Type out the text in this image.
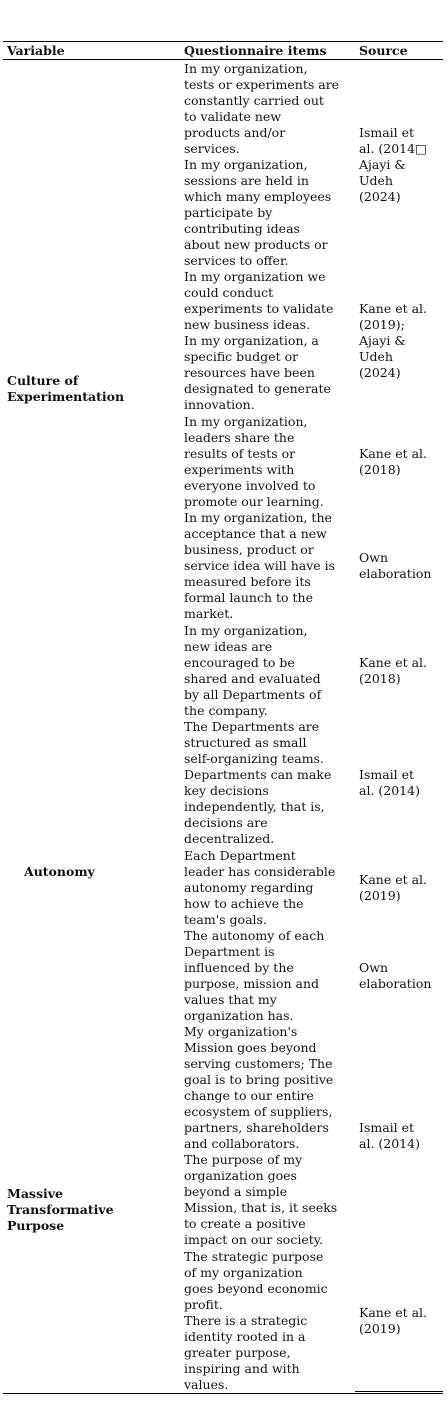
Variable	Questionnaire items	Source
Culture of
Experimentation
Autonomy
Massive
Transformative
Purpose
In my organization,
tests or experiments are
constantly carried out
to validate new
products and/or
services.
In my organization,
sessions are held in
which many employees
participate by
contributing ideas
about new products or
services to offer.
In my organization we
could conduct
experiments to validate
new business ideas.
In my organization, a
specific budget or
resources have been
designated to generate
innovation.
In my organization,
leaders share the
results of tests or
experiments with
everyone involved to
promote our learning.
In my organization, the
acceptance that a new
business, product or
service idea will have is
measured before its
formal launch to the
market.
In my organization,
new ideas are
encouraged to be
shared and evaluated
by all Departments of
the company.
The Departments are
structured as small
self-organizing teams.
Departments can make
key decisions
independently, that is,
decisions are
decentralized.
Each Department
leader has considerable
autonomy regarding
how to achieve the
team's goals.
The autonomy of each
Department is
influenced by the
purpose, mission and
values that my
organization has.
My organization's
Mission goes beyond
serving customers; The
goal is to bring positive
change to our entire
ecosystem of suppliers,
partners, shareholders
and collaborators.
The purpose of my
organization goes
beyond a simple
Mission, that is, it seeks
to create a positive
impact on our society.
The strategic purpose
of my organization
goes beyond economic
profit.
There is a strategic
identity rooted in a
greater purpose,
inspiring and with
values.
Ismail et
al. (2014□
Ajayi &
Udeh
(2024)
Kane et al.
(2019);
Ajayi &
Udeh
(2024)
Kane et al.
(2018)
Own
elaboration
Kane et al.
(2018)
Ismail et
al. (2014)
Kane et al.
(2019)
Own
elaboration
Ismail et
al. (2014)
Kane et al.
(2019)
